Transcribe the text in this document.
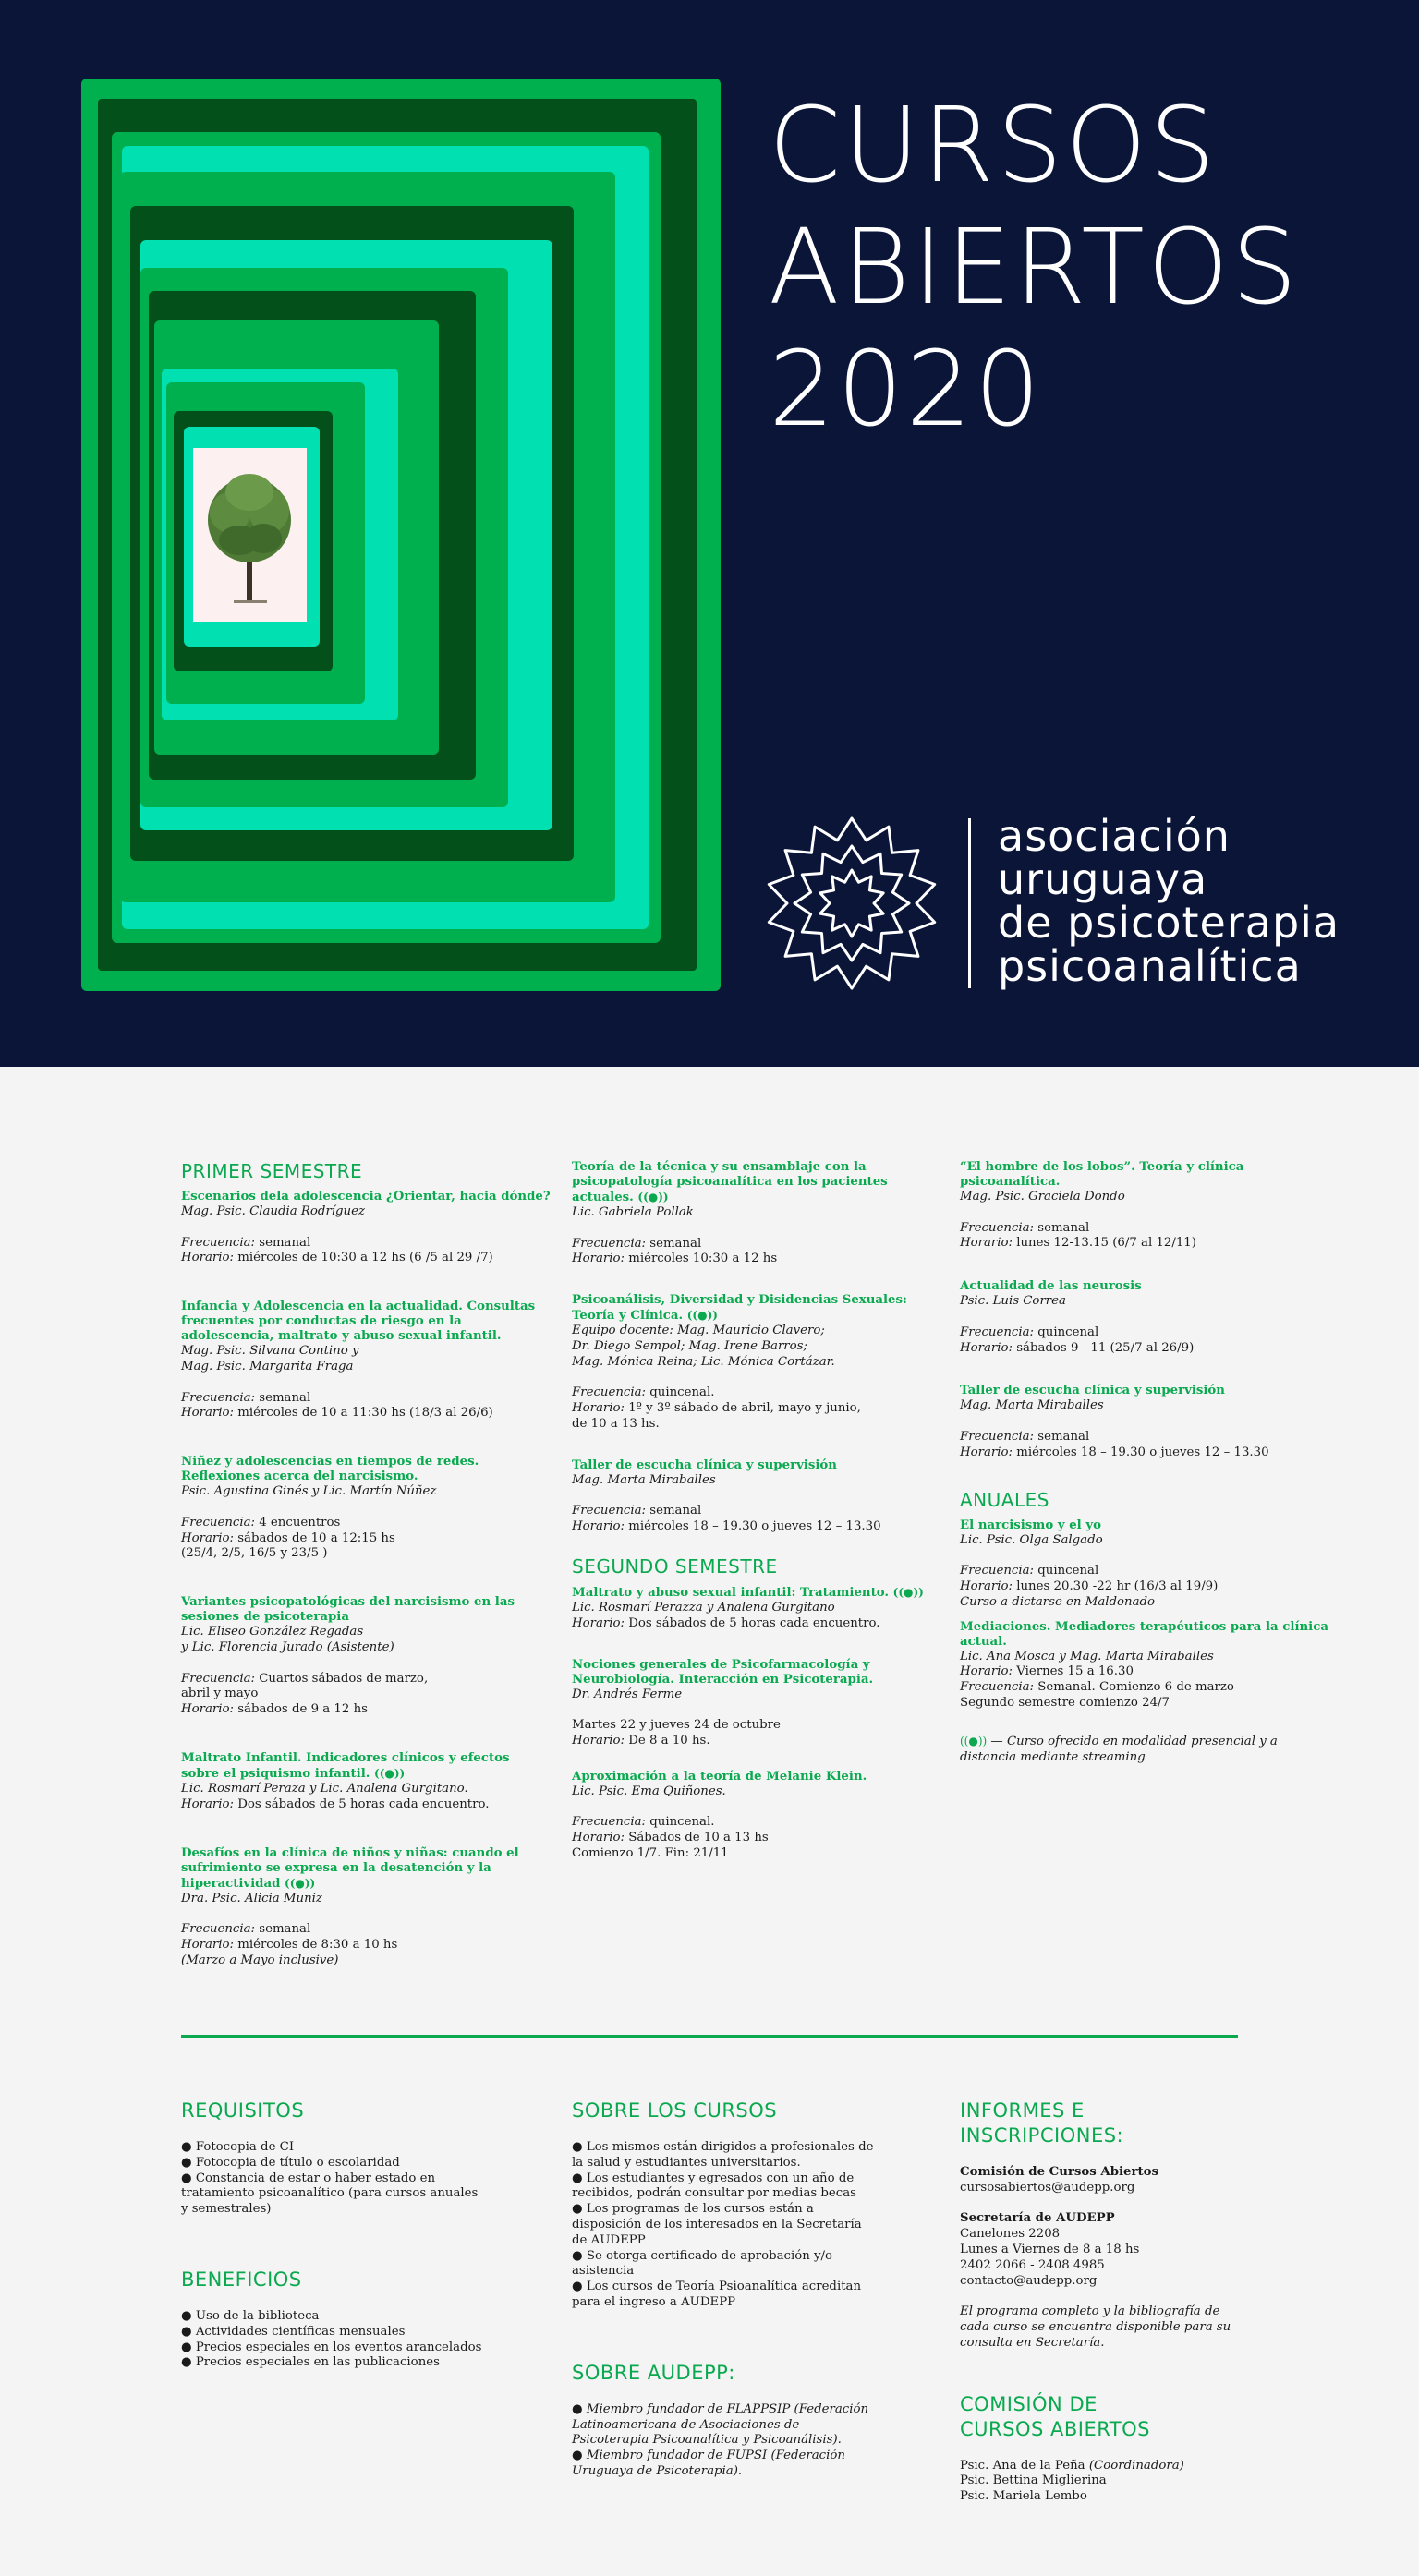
CURSOS
ABIERTOS
2020
asociación
uruguaya
de psicoterapia
psicoanalítica
PRIMER SEMESTRE

Escenarios dela adolescencia ¿Orientar, hacia dónde?

Mag. Psic. Claudia Rodríguez

Frecuencia: semanal

Horario: miércoles de 10:30 a 12 hs (6 /5 al 29 /7)

Infancia y Adolescencia en la actualidad. Consultas frecuentes por conductas de riesgo en la adolescencia, maltrato y abuso sexual infantil.

Mag. Psic. Silvana Contino y

Mag. Psic. Margarita Fraga

Frecuencia: semanal

Horario: miércoles de 10 a 11:30 hs (18/3 al 26/6)

Niñez y adolescencias en tiempos de redes. Reflexiones acerca del narcisismo.

Psic. Agustina Ginés y Lic. Martín Núñez

Frecuencia: 4 encuentros

Horario: sábados de 10 a 12:15 hs

(25/4, 2/5, 16/5 y 23/5 )

Variantes psicopatológicas del narcisismo en las sesiones de psicoterapia

Lic. Eliseo González Regadas

y Lic. Florencia Jurado (Asistente)

Frecuencia: Cuartos sábados de marzo,

abril y mayo

Horario: sábados de 9 a 12 hs

Maltrato Infantil. Indicadores clínicos y efectos sobre el psiquismo infantil. ((●))

Lic. Rosmarí Peraza y Lic. Analena Gurgitano.

Horario: Dos sábados de 5 horas cada encuentro.

Desafíos en la clínica de niños y niñas: cuando el sufrimiento se expresa en la desatención y la hiperactividad ((●))

Dra. Psic. Alicia Muniz

Frecuencia: semanal

Horario: miércoles de 8:30 a 10 hs

(Marzo a Mayo inclusive)

Teoría de la técnica y su ensamblaje con la psicopatología psicoanalítica en los pacientes actuales. ((●))

Lic. Gabriela Pollak

Frecuencia: semanal

Horario: miércoles 10:30 a 12 hs

Psicoanálisis, Diversidad y Disidencias Sexuales: Teoría y Clínica. ((●))

Equipo docente: Mag. Mauricio Clavero;

Dr. Diego Sempol; Mag. Irene Barros;

Mag. Mónica Reina; Lic. Mónica Cortázar.

Frecuencia: quincenal.

Horario: 1º y 3º sábado de abril, mayo y junio,

de 10 a 13 hs.

Taller de escucha clínica y supervisión

Mag. Marta Miraballes

Frecuencia: semanal

Horario: miércoles 18 – 19.30 o jueves 12 – 13.30

SEGUNDO SEMESTRE

Maltrato y abuso sexual infantil: Tratamiento. ((●))

Lic. Rosmarí Perazza y Analena Gurgitano

Horario: Dos sábados de 5 horas cada encuentro.

Nociones generales de Psicofarmacología y Neurobiología. Interacción en Psicoterapia.

Dr. Andrés Ferme

Martes 22 y jueves 24 de octubre

Horario: De 8 a 10 hs.

Aproximación a la teoría de Melanie Klein.

Lic. Psic. Ema Quiñones.

Frecuencia: quincenal.

Horario: Sábados de 10 a 13 hs

Comienzo 1/7. Fin: 21/11

“El hombre de los lobos”. Teoría y clínica psicoanalítica.

Mag. Psic. Graciela Dondo

Frecuencia: semanal

Horario: lunes 12-13.15 (6/7 al 12/11)

Actualidad de las neurosis

Psic. Luis Correa

Frecuencia: quincenal

Horario: sábados 9 - 11 (25/7 al 26/9)

Taller de escucha clínica y supervisión

Mag. Marta Miraballes

Frecuencia: semanal

Horario: miércoles 18 – 19.30 o jueves 12 – 13.30

ANUALES

El narcisismo y el yo

Lic. Psic. Olga Salgado

Frecuencia: quincenal

Horario: lunes 20.30 -22 hr (16/3 al 19/9)

Curso a dictarse en Maldonado

Mediaciones. Mediadores terapéuticos para la clínica actual.

Lic. Ana Mosca y Mag. Marta Miraballes

Horario: Viernes 15 a 16.30

Frecuencia: Semanal. Comienzo 6 de marzo

Segundo semestre comienzo 24/7

((●)) — Curso ofrecido en modalidad presencial y a distancia mediante streaming

REQUISITOS
● Fotocopia de CI
● Fotocopia de título o escolaridad
● Constancia de estar o haber estado en tratamiento psicoanalítico (para cursos anuales y semestrales)
BENEFICIOS
● Uso de la biblioteca
● Actividades científicas mensuales
● Precios especiales en los eventos arancelados
● Precios especiales en las publicaciones
SOBRE LOS CURSOS
● Los mismos están dirigidos a profesionales de la salud y estudiantes universitarios.
● Los estudiantes y egresados con un año de recibidos, podrán consultar por medias becas
● Los programas de los cursos están a disposición de los interesados en la Secretaría de AUDEPP
● Se otorga certificado de aprobación y/o asistencia
● Los cursos de Teoría Psioanalítica acreditan para el ingreso a AUDEPP
SOBRE AUDEPP:
● Miembro fundador de FLAPPSIP (Federación Latinoamericana de Asociaciones de Psicoterapia Psicoanalítica y Psicoanálisis).
● Miembro fundador de FUPSI (Federación Uruguaya de Psicoterapia).
INFORMES E INSCRIPCIONES:
Comisión de Cursos Abiertos
cursosabiertos@audepp.org
Secretaría de AUDEPP
Canelones 2208
Lunes a Viernes de 8 a 18 hs
2402 2066 - 2408 4985
contacto@audepp.org
El programa completo y la bibliografía de cada curso se encuentra disponible para su consulta en Secretaría.
COMISIÓN DE CURSOS ABIERTOS
Psic. Ana de la Peña (Coordinadora)
Psic. Bettina Miglierina
Psic. Mariela Lembo
